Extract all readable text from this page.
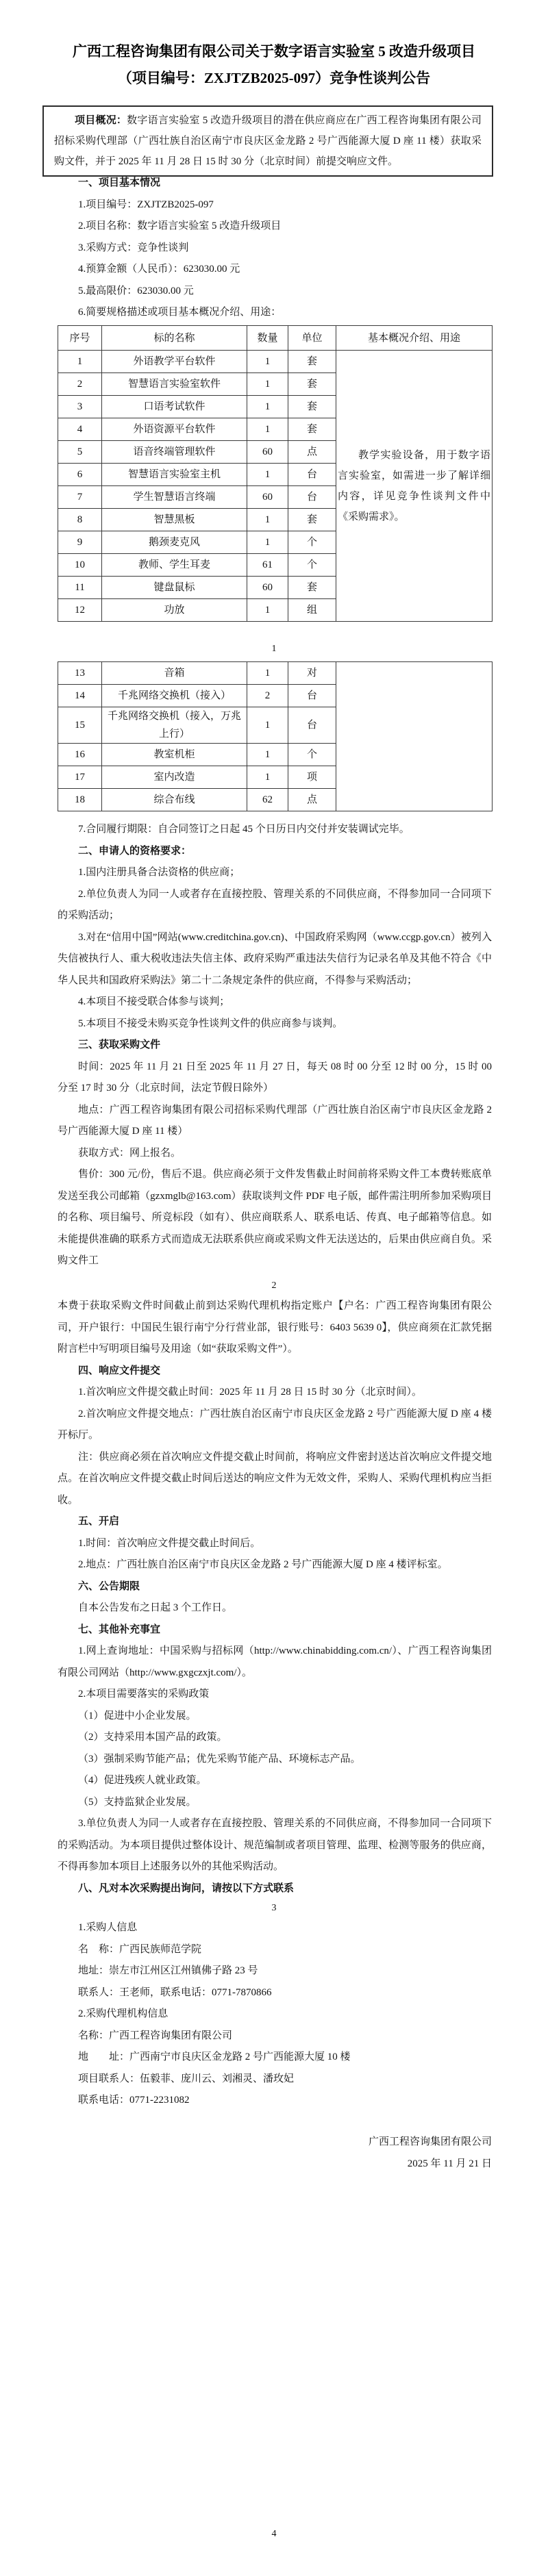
广西工程咨询集团有限公司关于数字语言实验室 5 改造升级项目
（项目编号：ZXJTZB2025-097）竞争性谈判公告

项目概况：数字语言实验室 5 改造升级项目的潜在供应商应在广西工程咨询集团有限公司招标采购代理部（广西壮族自治区南宁市良庆区金龙路 2 号广西能源大厦 D 座 11 楼）获取采购文件，并于 2025 年 11 月 28 日 15 时 30 分（北京时间）前提交响应文件。

一、项目基本情况

1.项目编号：ZXJTZB2025-097

2.项目名称：数字语言实验室 5 改造升级项目

3.采购方式：竞争性谈判

4.预算金额（人民币）：623030.00 元

5.最高限价：623030.00 元

6.简要规格描述或项目基本概况介绍、用途：

序号	标的名称	数量	单位	基本概况介绍、用途
1	外语教学平台软件	1	套	教学实验设备，用于数字语言实验室，如需进一步了解详细内容，详见竞争性谈判文件中《采购需求》。

2	智慧语言实验室软件	1	套	
3	口语考试软件	1	套	
4	外语资源平台软件	1	套	
5	语音终端管理软件	60	点	
6	智慧语言实验室主机	1	台	
7	学生智慧语言终端	60	台	
8	智慧黑板	1	套	
9	鹅颈麦克风	1	个	
10	教师、学生耳麦	61	个	
11	键盘鼠标	60	套	
12	功放	1	组	
1
13	音箱	1	对	
14	千兆网络交换机（接入）	2	台	
15	千兆网络交换机（接入，万兆上行）	1	台	
16	教室机柜	1	个	
17	室内改造	1	项	
18	综合布线	62	点	

7.合同履行期限：自合同签订之日起 45 个日历日内交付并安装调试完毕。

二、申请人的资格要求：

1.国内注册具备合法资格的供应商；

2.单位负责人为同一人或者存在直接控股、管理关系的不同供应商，不得参加同一合同项下的采购活动；

3.对在“信用中国”网站(www.creditchina.gov.cn)、中国政府采购网（www.ccgp.gov.cn）被列入失信被执行人、重大税收违法失信主体、政府采购严重违法失信行为记录名单及其他不符合《中华人民共和国政府采购法》第二十二条规定条件的供应商，不得参与采购活动；

4.本项目不接受联合体参与谈判；

5.本项目不接受未购买竞争性谈判文件的供应商参与谈判。

三、获取采购文件

时间：2025 年 11 月 21 日至 2025 年 11 月 27 日，每天 08 时 00 分至 12 时 00 分，15 时 00 分至 17 时 30 分（北京时间，法定节假日除外）

地点：广西工程咨询集团有限公司招标采购代理部（广西壮族自治区南宁市良庆区金龙路 2 号广西能源大厦 D 座 11 楼）

获取方式：网上报名。

售价：300 元/份，售后不退。供应商必须于文件发售截止时间前将采购文件工本费转账底单发送至我公司邮箱（gzxmglb@163.com）获取谈判文件 PDF 电子版，邮件需注明所参加采购项目的名称、项目编号、所竞标段（如有）、供应商联系人、联系电话、传真、电子邮箱等信息。如未能提供准确的联系方式而造成无法联系供应商或采购文件无法送达的，后果由供应商自负。采购文件工

2

本费于获取采购文件时间截止前到达采购代理机构指定账户【户名：广西工程咨询集团有限公司，开户银行：中国民生银行南宁分行营业部，银行账号：6403 5639 0】，供应商须在汇款凭据附言栏中写明项目编号及用途（如“获取采购文件”）。

四、响应文件提交

1.首次响应文件提交截止时间：2025 年 11 月 28 日 15 时 30 分（北京时间）。

2.首次响应文件提交地点：广西壮族自治区南宁市良庆区金龙路 2 号广西能源大厦 D 座 4 楼开标厅。

注：供应商必须在首次响应文件提交截止时间前，将响应文件密封送达首次响应文件提交地点。在首次响应文件提交截止时间后送达的响应文件为无效文件，采购人、采购代理机构应当拒收。

五、开启

1.时间：首次响应文件提交截止时间后。

2.地点：广西壮族自治区南宁市良庆区金龙路 2 号广西能源大厦 D 座 4 楼评标室。

六、公告期限

自本公告发布之日起 3 个工作日。

七、其他补充事宜

1.网上查询地址：中国采购与招标网（http://www.chinabidding.com.cn/）、广西工程咨询集团有限公司网站（http://www.gxgczxjt.com/）。

2.本项目需要落实的采购政策

（1）促进中小企业发展。

（2）支持采用本国产品的政策。

（3）强制采购节能产品；优先采购节能产品、环境标志产品。

（4）促进残疾人就业政策。

（5）支持监狱企业发展。

3.单位负责人为同一人或者存在直接控股、管理关系的不同供应商，不得参加同一合同项下的采购活动。为本项目提供过整体设计、规范编制或者项目管理、监理、检测等服务的供应商，不得再参加本项目上述服务以外的其他采购活动。

八、凡对本次采购提出询问，请按以下方式联系

3

1.采购人信息

名　称：广西民族师范学院

地址：崇左市江州区江州镇佛子路 23 号

联系人：王老师，联系电话：0771-7870866

2.采购代理机构信息

名称：广西工程咨询集团有限公司

地　　址：广西南宁市良庆区金龙路 2 号广西能源大厦 10 楼

项目联系人：伍毅菲、庞川云、刘湘灵、潘玫妃

联系电话：0771-2231082

广西工程咨询集团有限公司
2025 年 11 月 21 日
4
